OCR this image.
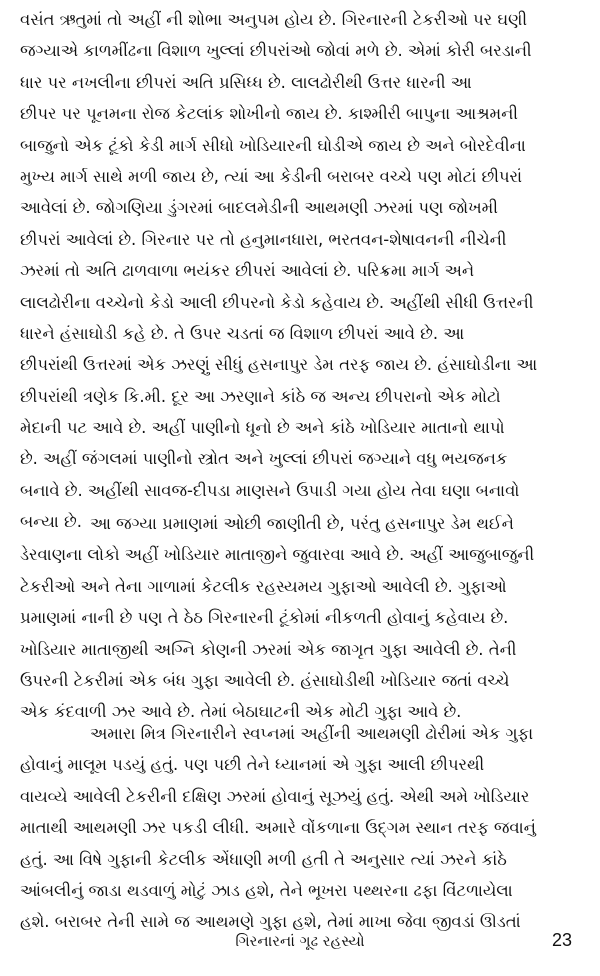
વસંત ઋતુમાં તો અહીં ની શોભા અનુપમ હોય છે. ગિરનારની ટેકરીઓ પર ઘણી
જગ્યાએ કાળમીંઢના વિશાળ ખુલ્લાં છીપરાંઓ જોવાં મળે છે. એમાં કોરી બરડાની
ધાર પર નખલીના છીપરાં અતિ પ્રસિધ્ધ છે. લાલઢોરીથી ઉત્તર ધારની આ
છીપર પર પૂનમના રોજ કેટલાંક શોખીનો જાય છે. કાશ્મીરી બાપુના આશ્રમની
બાજુનો એક ટૂંકો કેડી માર્ગ સીધો ખોડિયારની ઘોડીએ જાય છે અને બોરદેવીના
મુખ્ય માર્ગ સાથે મળી જાય છે, ત્યાં આ કેડીની બરાબર વચ્ચે પણ મોટાં છીપરાં
આવેલાં છે. જોગણિયા ડુંગરમાં બાદલમેડીની આથમણી ઝરમાં પણ જોખમી
છીપરાં આવેલાં છે. ગિરનાર પર તો હનુમાનધારા, ભરતવન-શેષાવનની નીચેની
ઝરમાં તો અતિ ઢાળવાળા ભયંકર છીપરાં આવેલાં છે. પરિક્રમા માર્ગ અને
લાલઢોરીના વચ્ચેનો કેડો આલી છીપરનો કેડો કહેવાય છે. અહીંથી સીધી ઉત્તરની
ધારને હંસાઘોડી કહે છે. તે ઉપર ચડતાં જ વિશાળ છીપરાં આવે છે. આ
છીપરાંથી ઉત્તરમાં એક ઝરણું સીધું હસનાપુર ડેમ તરફ જાય છે. હંસાઘોડીના આ
છીપરાંથી ત્રણેક કિ.મી. દૂર આ ઝરણાને કાંઠે જ અન્ય છીપરાનો એક મોટો
મેદાની પટ આવે છે. અહીં પાણીનો ધૂનો છે અને કાંઠે ખોડિયાર માતાનો થાપો
છે. અહીં જંગલમાં પાણીનો સ્ત્રોત અને ખુલ્લાં છીપરાં જગ્યાને વધુ ભયજનક
બનાવે છે. અહીંથી સાવજ-દીપડા માણસને ઉપાડી ગયા હોય તેવા ઘણા બનાવો
બન્યા છે. આ જગ્યા પ્રમાણમાં ઓછી જાણીતી છે, પરંતુ હસનાપુર ડેમ થઈને
ડેરવાણના લોકો અહીં ખોડિયાર માતાજીને જુવારવા આવે છે. અહીં આજુબાજુની
ટેકરીઓ અને તેના ગાળામાં કેટલીક રહસ્યમય ગુફાઓ આવેલી છે. ગુફાઓ
પ્રમાણમાં નાની છે પણ તે ઠેઠ ગિરનારની ટૂંકોમાં નીકળતી હોવાનું કહેવાય છે.
ખોડિયાર માતાજીથી અગ્નિ કોણની ઝરમાં એક જાગૃત ગુફા આવેલી છે. તેની
ઉપરની ટેકરીમાં એક બંધ ગુફા આવેલી છે. હંસાઘોડીથી ખોડિયાર જતાં વચ્ચે
એક કંદવાળી ઝર આવે છે. તેમાં બેઠાઘાટની એક મોટી ગુફા આવે છે.
અમારા મિત્ર ગિરનારીને સ્વપ્નમાં અહીંની આથમણી ઢોરીમાં એક ગુફા
હોવાનું માલૂમ પડયું હતું. પણ પછી તેને ધ્યાનમાં એ ગુફા આલી છીપરથી
વાયવ્યે આવેલી ટેકરીની દક્ષિણ ઝરમાં હોવાનું સૂઝયું હતું. એથી અમે ખોડિયાર
માતાથી આથમણી ઝર પકડી લીધી. અમારે વોંકળાના ઉદ્‌ગમ સ્થાન તરફ જવાનું
હતું. આ વિષે ગુફાની કેટલીક એંધાણી મળી હતી તે અનુસાર ત્યાં ઝરને કાંઠે
આંબલીનું જાડા થડવાળું મોટું ઝાડ હશે, તેને ભૂખરા પથ્થરના ઢફા વિંટળાયેલા
હશે. બરાબર તેની સામે જ આથમણે ગુફા હશે, તેમાં માખા જેવા જીવડાં ઊડતાં
ગિરનારનાં ગૂઢ રહસ્યો	23
